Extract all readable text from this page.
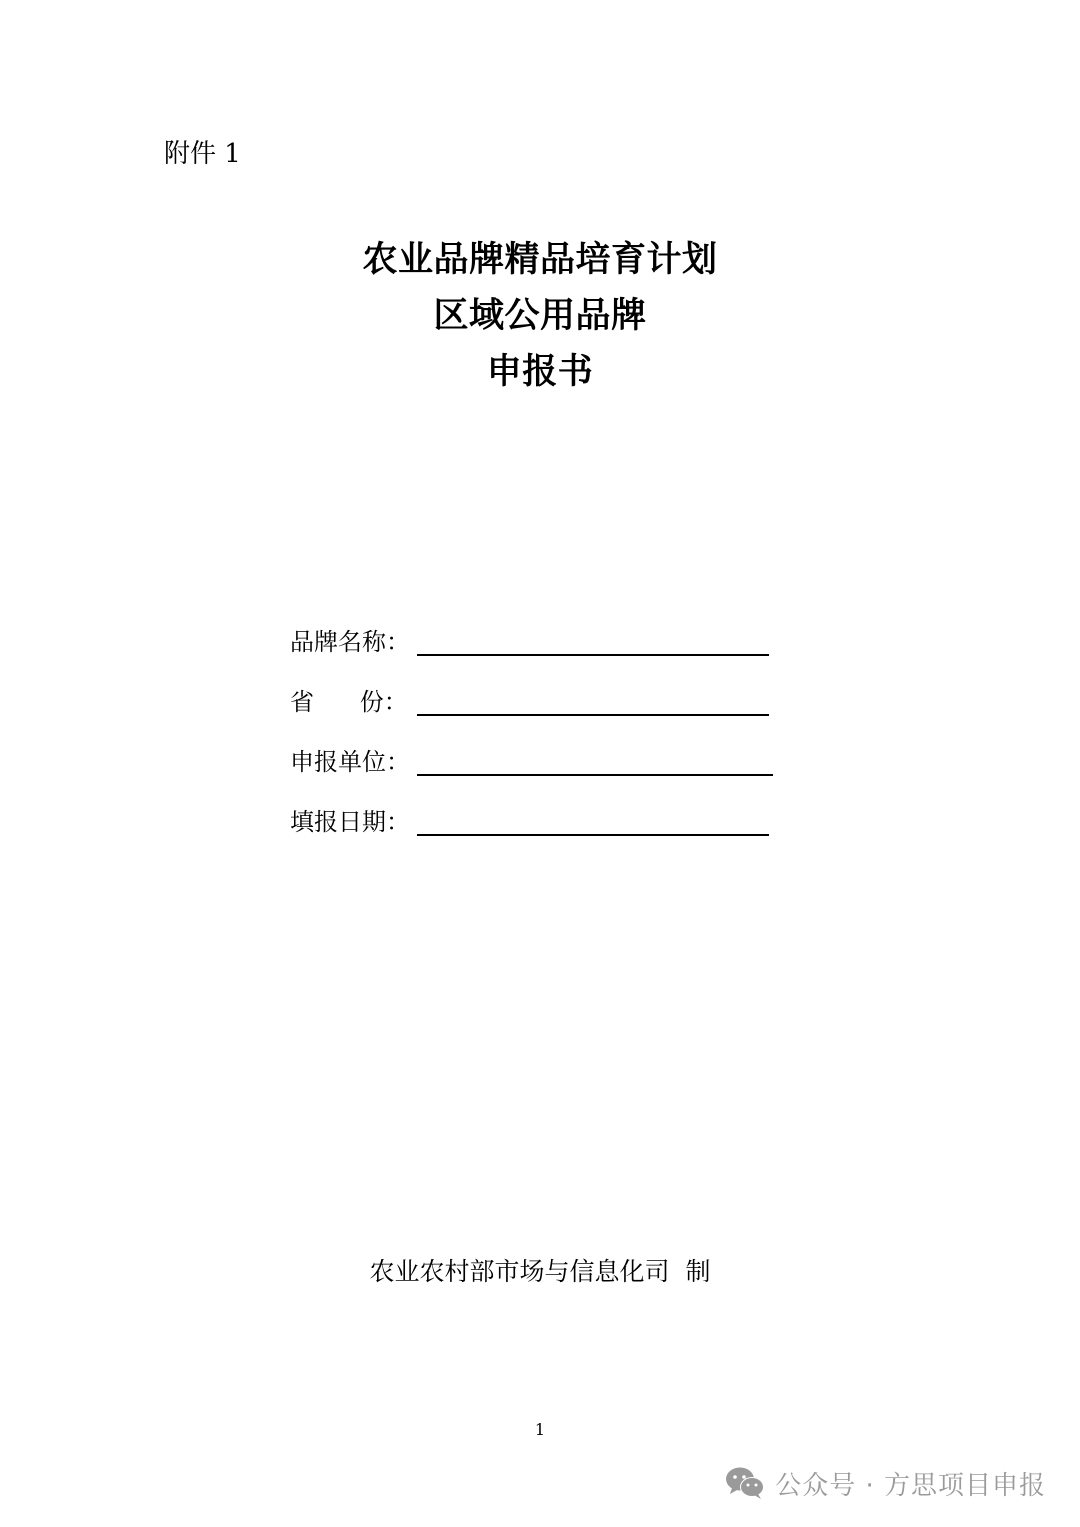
附件 1
农业品牌精品培育计划
区域公用品牌
申报书
品牌名称：
省      份：
申报单位：
填报日期：
农业农村部市场与信息化司  制
1
公众号 · 方思项目申报
